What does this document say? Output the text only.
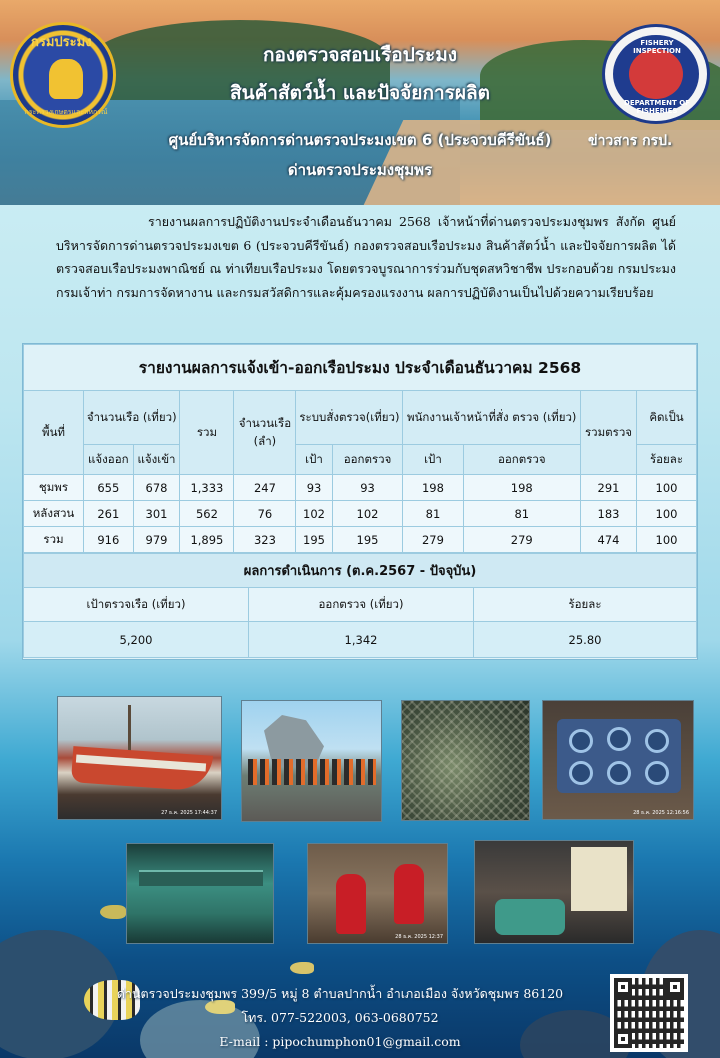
กรมประมง
กระทรวงเกษตรและสหกรณ์
FISHERY INSPECTION
DEPARTMENT OF FISHERIES
กองตรวจสอบเรือประมง
สินค้าสัตว์น้ำ และปัจจัยการผลิต
ศูนย์บริหารจัดการด่านตรวจประมงเขต 6 (ประจวบคีรีขันธ์)
ด่านตรวจประมงชุมพร
ข่าวสาร กรป.

รายงานผลการปฏิบัติงานประจำเดือนธันวาคม 2568 เจ้าหน้าที่ด่านตรวจประมงชุมพร สังกัด ศูนย์บริหารจัดการด่านตรวจประมงเขต 6 (ประจวบคีรีขันธ์) กองตรวจสอบเรือประมง สินค้าสัตว์น้ำ และปัจจัยการผลิต ได้ตรวจสอบเรือประมงพาณิชย์ ณ ท่าเทียบเรือประมง โดยตรวจบูรณาการร่วมกับชุดสหวิชาชีพ ประกอบด้วย กรมประมง กรมเจ้าท่า กรมการจัดหางาน และกรมสวัสดิการและคุ้มครองแรงงาน ผลการปฏิบัติงานเป็นไปด้วยความเรียบร้อย

รายงานผลการแจ้งเข้า-ออกเรือประมง ประจำเดือนธันวาคม 2568										
พื้นที่	จำนวนเรือ (เที่ยว)		รวม	จำนวนเรือ (ลำ)	ระบบสั่งตรวจ(เที่ยว)		พนักงานเจ้าหน้าที่สั่ง ตรวจ (เที่ยว)		รวมตรวจ	คิดเป็น
	แจ้งออก	แจ้งเข้า			เป้า	ออกตรวจ	เป้า	ออกตรวจ		ร้อยละ
ชุมพร	655	678	1,333	247	93	93	198	198	291	100
หลังสวน	261	301	562	76	102	102	81	81	183	100
รวม	916	979	1,895	323	195	195	279	279	474	100
ผลการดำเนินการ (ต.ค.2567 - ปัจจุบัน)		
เป้าตรวจเรือ (เที่ยว)	ออกตรวจ (เที่ยว)	ร้อยละ
5,200	1,342	25.80
27 ธ.ค. 2025 17:44:37	28 ธ.ค. 2025 12:16:56
28 ธ.ค. 2025 12:37
ด่านตรวจประมงชุมพร 399/5 หมู่ 8 ตำบลปากน้ำ อำเภอเมือง จังหวัดชุมพร 86120
โทร. 077-522003, 063-0680752
E-mail : pipochumphon01@gmail.com
